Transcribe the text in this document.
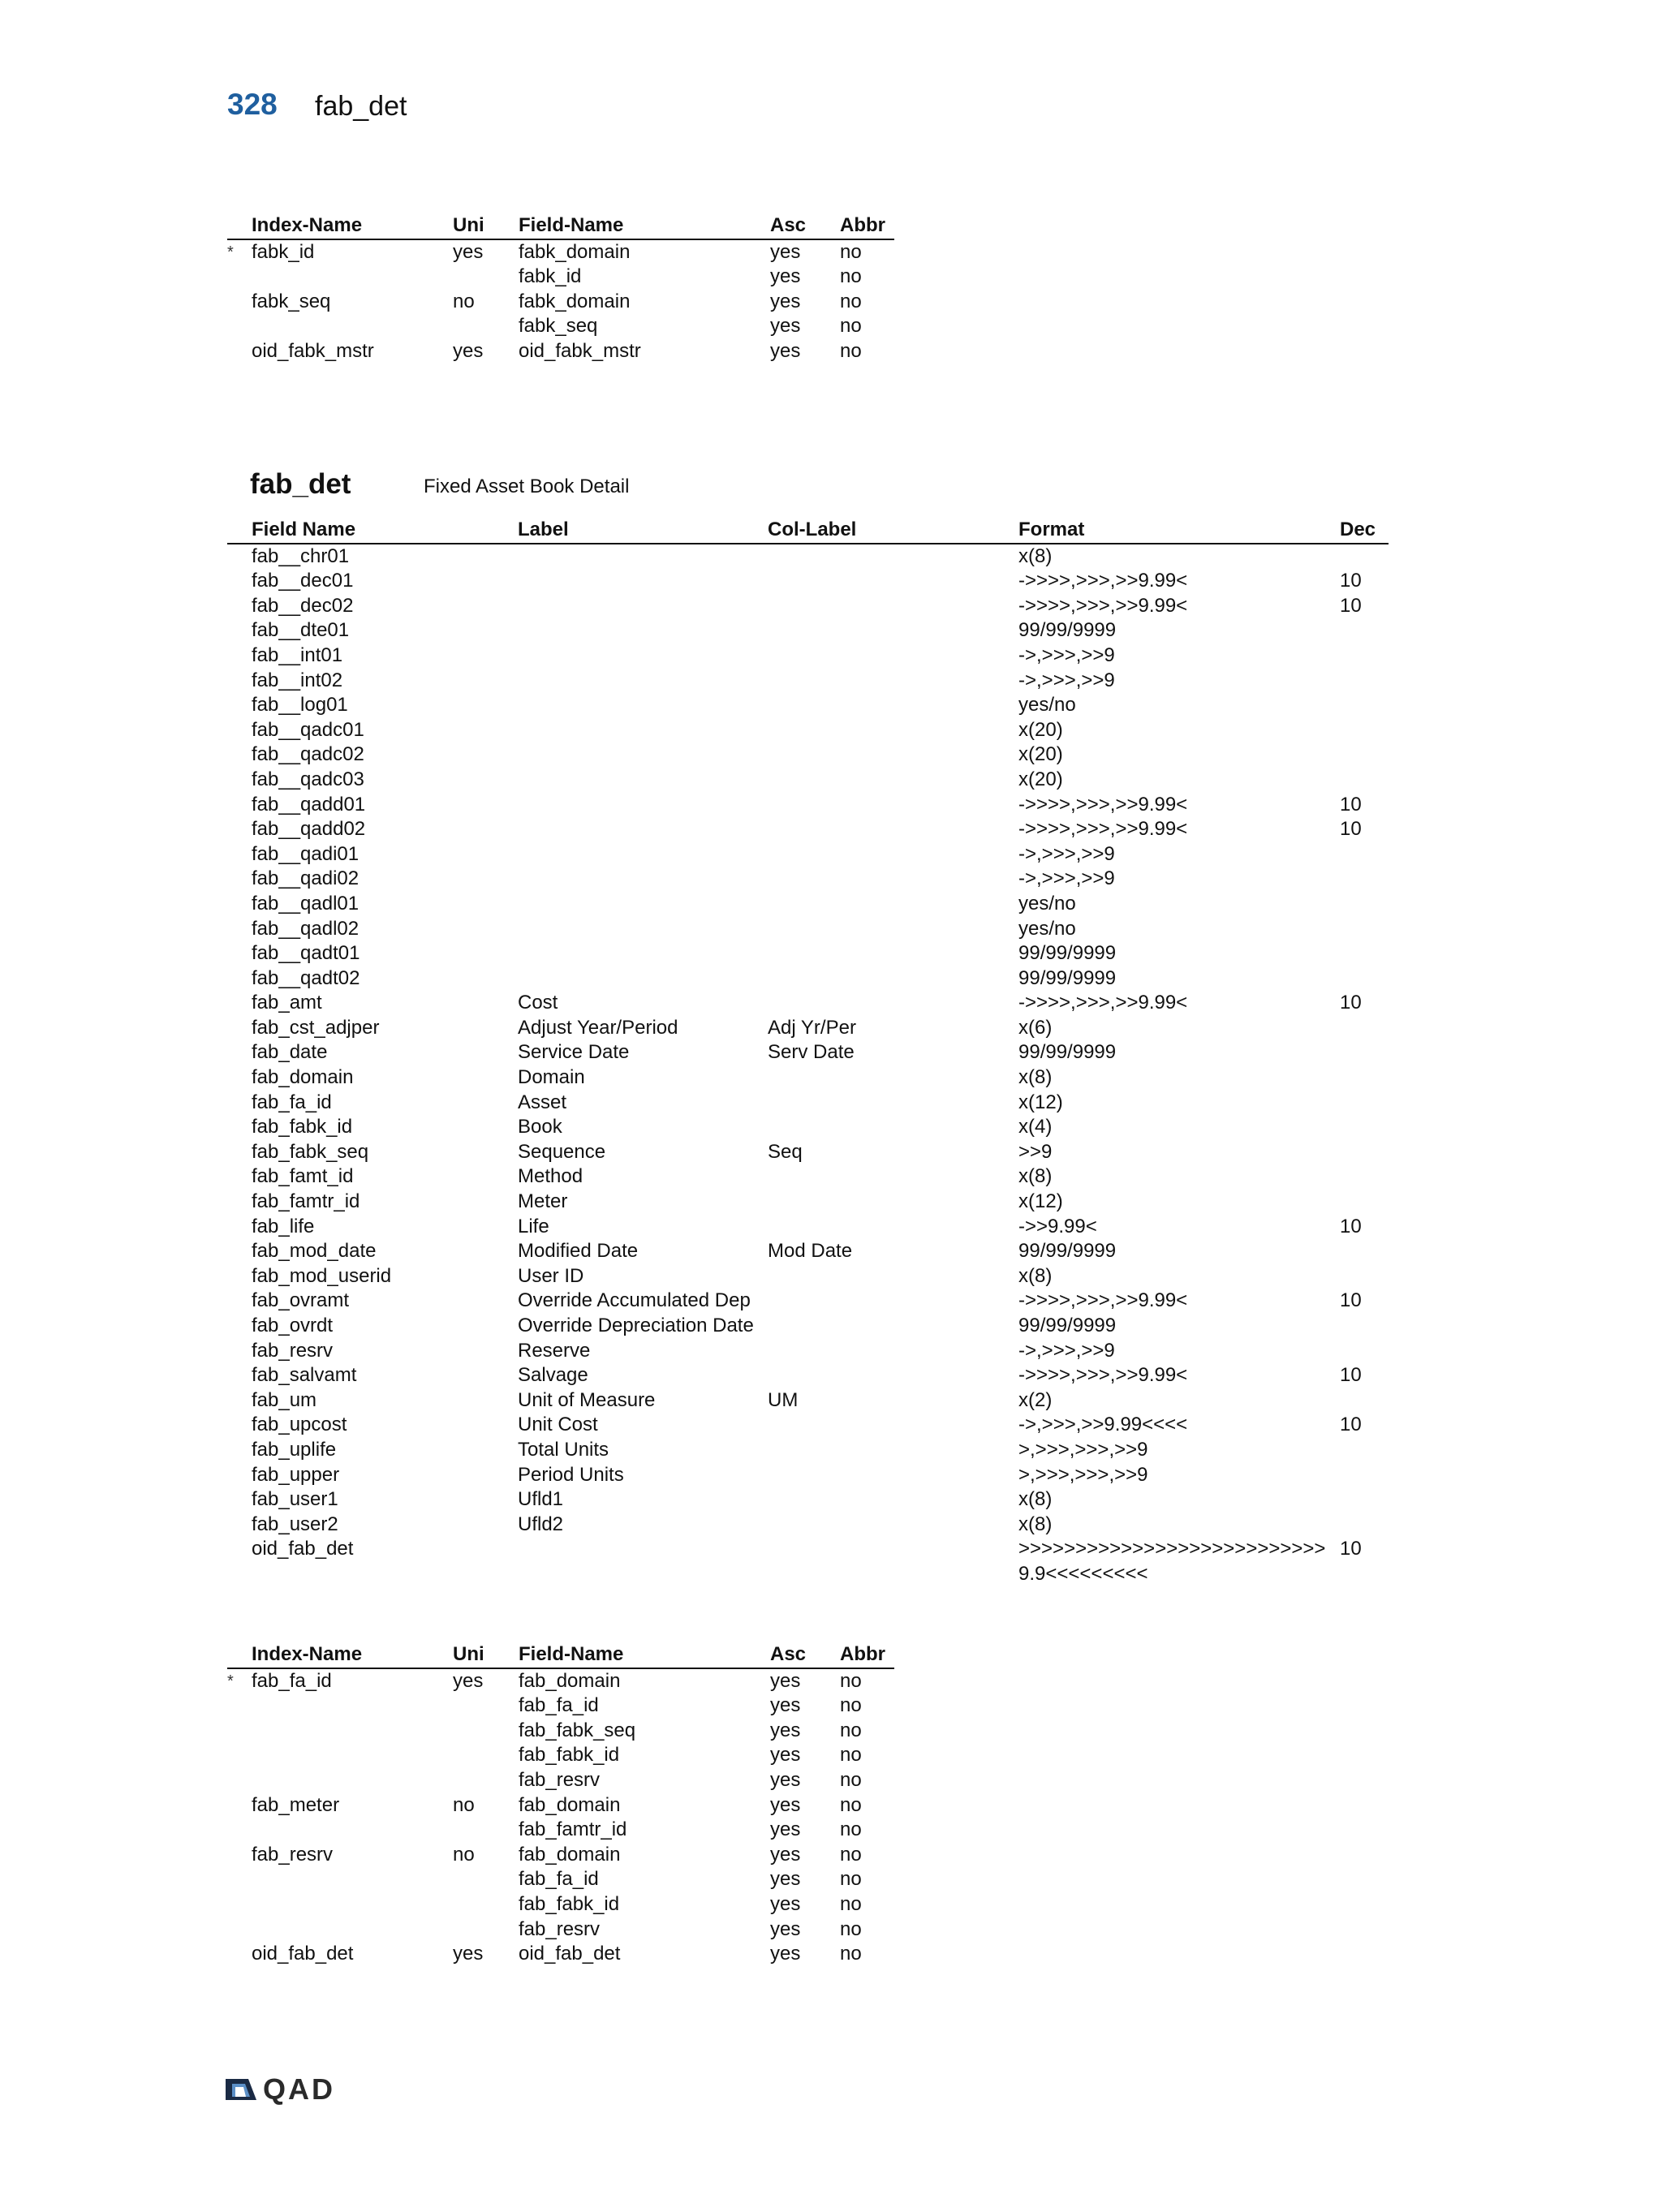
328 fab_det
	Index-Name	Uni	Field-Name	Asc	Abbr
*	fabk_id	yes	fabk_domain	yes	no
			fabk_id	yes	no
	fabk_seq	no	fabk_domain	yes	no
			fabk_seq	yes	no
	oid_fabk_mstr	yes	oid_fabk_mstr	yes	no
fab_det	Fixed Asset Book Detail
	Field Name	Label	Col-Label	Format	Dec
	fab__chr01			x(8)	
	fab__dec01			->>>>,>>>,>>9.99<	10
	fab__dec02			->>>>,>>>,>>9.99<	10
	fab__dte01			99/99/9999	
	fab__int01			->,>>>,>>9	
	fab__int02			->,>>>,>>9	
	fab__log01			yes/no	
	fab__qadc01			x(20)	
	fab__qadc02			x(20)	
	fab__qadc03			x(20)	
	fab__qadd01			->>>>,>>>,>>9.99<	10
	fab__qadd02			->>>>,>>>,>>9.99<	10
	fab__qadi01			->,>>>,>>9	
	fab__qadi02			->,>>>,>>9	
	fab__qadl01			yes/no	
	fab__qadl02			yes/no	
	fab__qadt01			99/99/9999	
	fab__qadt02			99/99/9999	
	fab_amt	Cost		->>>>,>>>,>>9.99<	10
	fab_cst_adjper	Adjust Year/Period	Adj Yr/Per	x(6)	
	fab_date	Service Date	Serv Date	99/99/9999	
	fab_domain	Domain		x(8)	
	fab_fa_id	Asset		x(12)	
	fab_fabk_id	Book		x(4)	
	fab_fabk_seq	Sequence	Seq	>>9	
	fab_famt_id	Method		x(8)	
	fab_famtr_id	Meter		x(12)	
	fab_life	Life		->>9.99<	10
	fab_mod_date	Modified Date	Mod Date	99/99/9999	
	fab_mod_userid	User ID		x(8)	
	fab_ovramt	Override Accumulated Dep		->>>>,>>>,>>9.99<	10
	fab_ovrdt	Override Depreciation Date		99/99/9999	
	fab_resrv	Reserve		->,>>>,>>9	
	fab_salvamt	Salvage		->>>>,>>>,>>9.99<	10
	fab_um	Unit of Measure	UM	x(2)	
	fab_upcost	Unit Cost		->,>>>,>>9.99<<<<	10
	fab_uplife	Total Units		>,>>>,>>>,>>9	
	fab_upper	Period Units		>,>>>,>>>,>>9	
	fab_user1	Ufld1		x(8)	
	fab_user2	Ufld2		x(8)	
	oid_fab_det			>>>>>>>>>>>>>>>>>>>>>>>>>>>9.9<<<<<<<<<	10
	Index-Name	Uni	Field-Name	Asc	Abbr
*	fab_fa_id	yes	fab_domain	yes	no
			fab_fa_id	yes	no
			fab_fabk_seq	yes	no
			fab_fabk_id	yes	no
			fab_resrv	yes	no
	fab_meter	no	fab_domain	yes	no
			fab_famtr_id	yes	no
	fab_resrv	no	fab_domain	yes	no
			fab_fa_id	yes	no
			fab_fabk_id	yes	no
			fab_resrv	yes	no
	oid_fab_det	yes	oid_fab_det	yes	no
QAD
